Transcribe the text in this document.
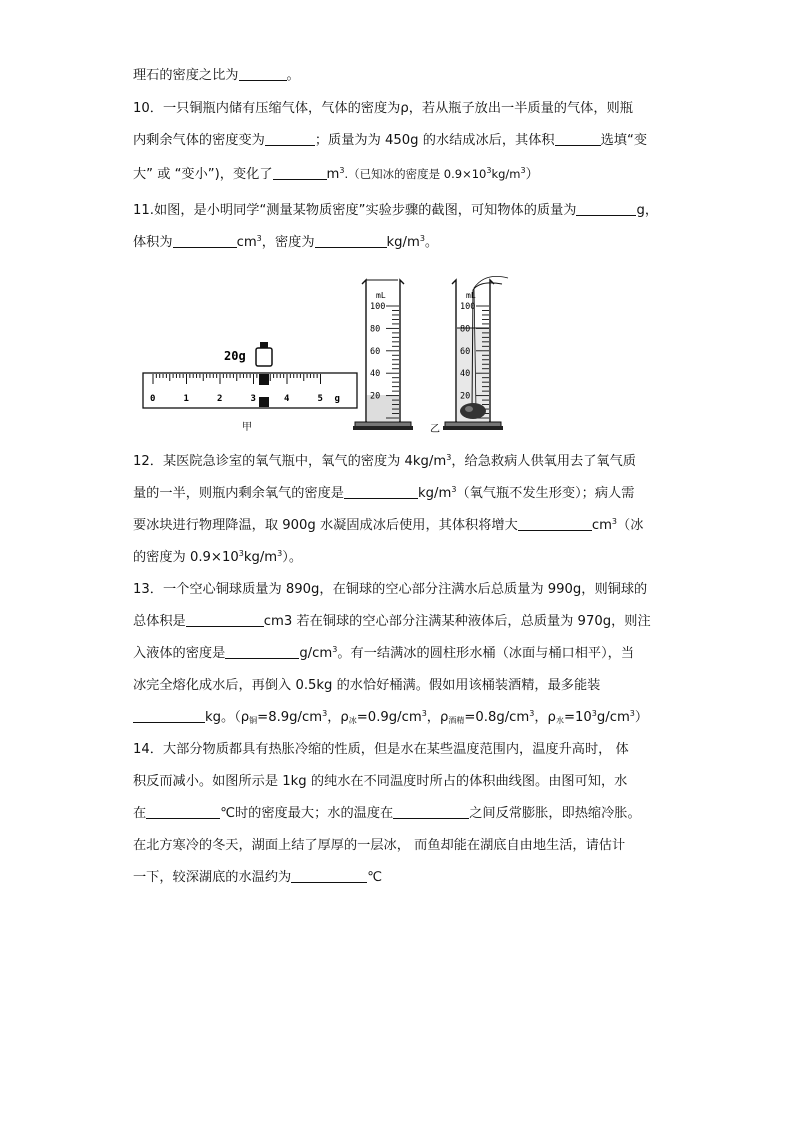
理石的密度之比为	。
10．一只铜瓶内储有压缩气体，气体的密度为ρ，若从瓶子放出一半质量的气体，则瓶
内剩余气体的密度变为	；质量为为 450g 的水结成冰后，其体积	选填“变
大” 或 “变小”)，变化了	$m^3$.（已知冰的密度是 $0.9\times 10^3kg/m^3$）
11.如图，是小明同学“测量某物质密度”实验步骤的截图，可知物体的质量为	g，
体积为	$cm^3$，密度为	$kg/m^3$。
20g
0	1	2	3	4	5 g
甲
100
80
60
40
20
mL
100
80
60
40
20
mL
乙
12．某医院急诊室的氧气瓶中，氧气的密度为 $4kg/m^3$，给急救病人供氧用去了氧气质
量的一半，则瓶内剩余氧气的密度是	$kg/m^3$（氧气瓶不发生形变）；病人需
要冰块进行物理降温，取 900g 水凝固成冰后使用，其体积将增大	$cm^3$（冰
的密度为 $0.9\times 10^3kg/m^3$）。
13．一个空心铜球质量为 890g，在铜球的空心部分注满水后总质量为 990g，则铜球的
总体积是	cm3 若在铜球的空心部分注满某种液体后，总质量为 970g，则注
入液体的密度是	$g/cm^3$。有一结满冰的圆柱形水桶（冰面与桶口相平），当
冰完全熔化成水后，再倒入 0.5kg 的水恰好桶满。假如用该桶装酒精，最多能装
kg。（$\rho_铜=8.9g/cm^3$，$\rho_冰=0.9g/cm^3$，$\rho_{酒精}=0.8g/cm^3$，$\rho_水=10^3g/cm^3$）
14．大部分物质都具有热胀冷缩的性质，但是水在某些温度范围内，温度升高时， 体
积反而减小。如图所示是 1kg 的纯水在不同温度时所占的体积曲线图。由图可知，水
在	℃时的密度最大；水的温度在	之间反常膨胀，即热缩冷胀。
在北方寒冷的冬天，湖面上结了厚厚的一层冰， 而鱼却能在湖底自由地生活，请估计
一下，较深湖底的水温约为	℃
